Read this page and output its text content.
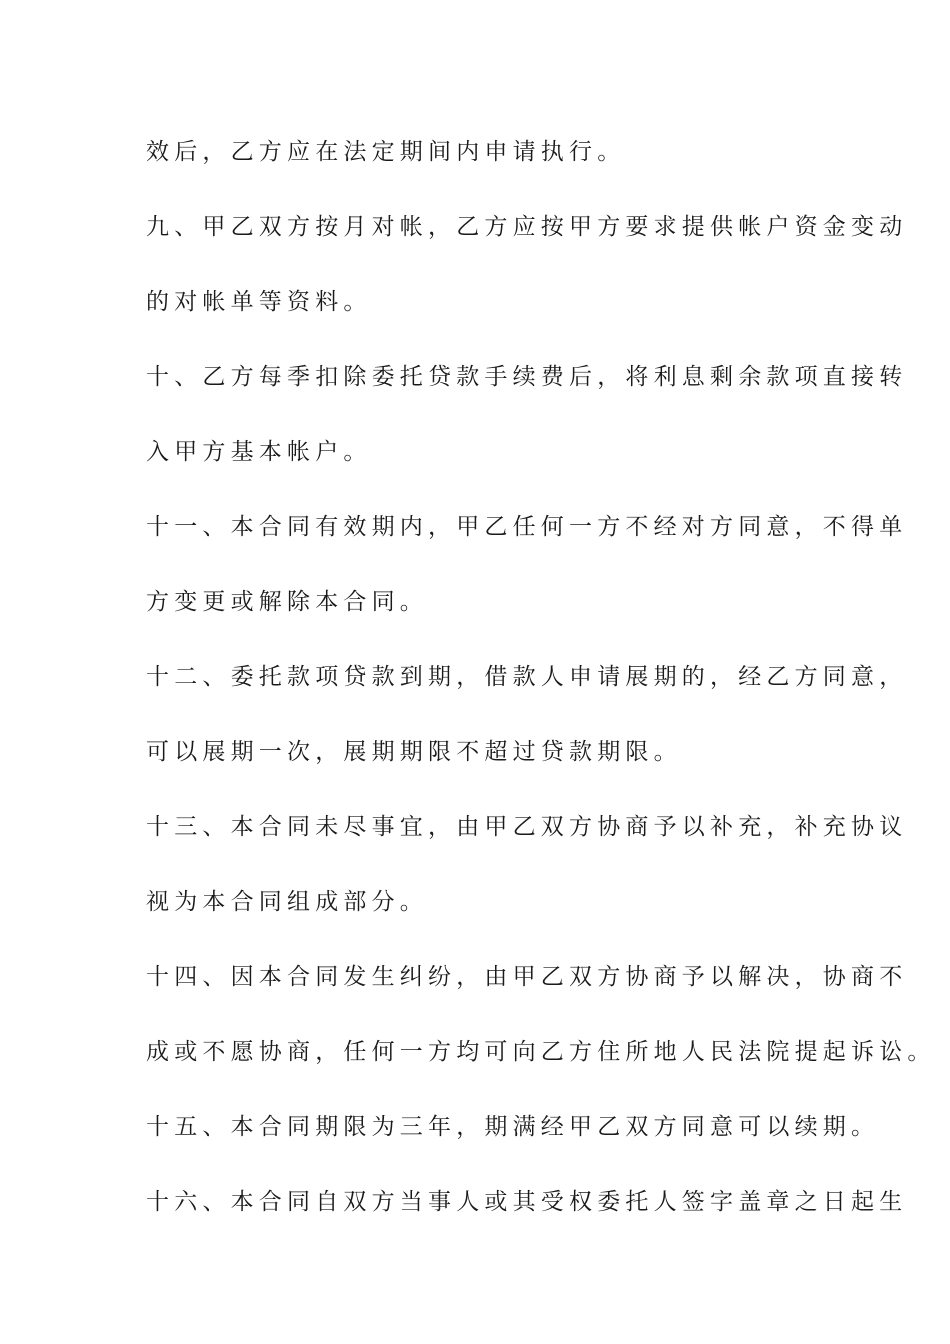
效后，乙方应在法定期间内申请执行。

九、甲乙双方按月对帐，乙方应按甲方要求提供帐户资金变动

的对帐单等资料。

十、乙方每季扣除委托贷款手续费后，将利息剩余款项直接转

入甲方基本帐户。

十一、本合同有效期内，甲乙任何一方不经对方同意，不得单

方变更或解除本合同。

十二、委托款项贷款到期，借款人申请展期的，经乙方同意，

可以展期一次，展期期限不超过贷款期限。

十三、本合同未尽事宜，由甲乙双方协商予以补充，补充协议

视为本合同组成部分。

十四、因本合同发生纠纷，由甲乙双方协商予以解决，协商不

成或不愿协商，任何一方均可向乙方住所地人民法院提起诉讼。

十五、本合同期限为三年，期满经甲乙双方同意可以续期。

十六、本合同自双方当事人或其受权委托人签字盖章之日起生
